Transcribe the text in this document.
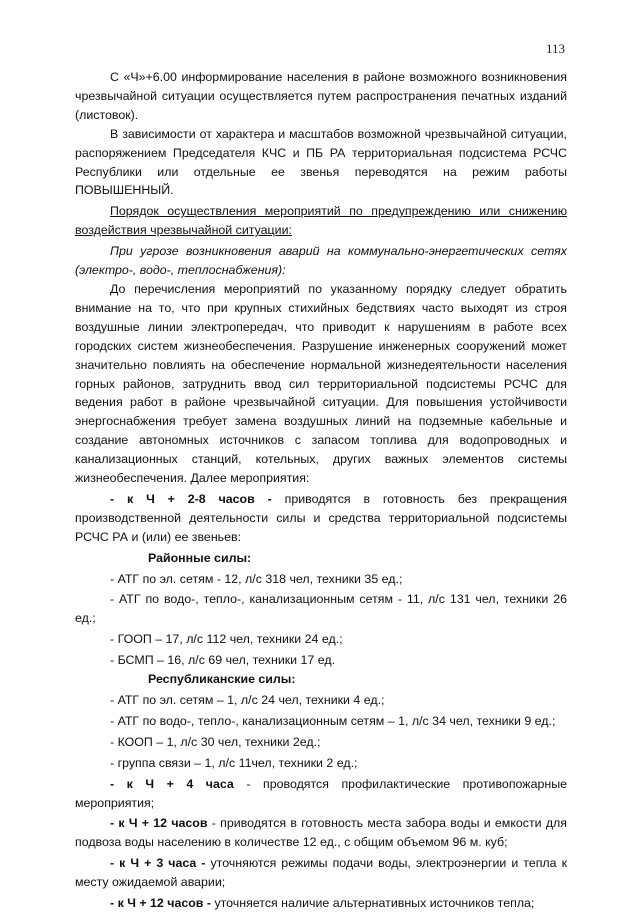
113

С «Ч»+6.00 информирование населения в районе возможного возникновения чрезвычайной ситуации осуществляется путем распространения печатных изданий (листовок).

В зависимости от характера и масштабов возможной чрезвычайной ситуации, распоряжением Председателя КЧС и ПБ РА территориальная подсистема РСЧС Республики или отдельные ее звенья переводятся на режим работы ПОВЫШЕННЫЙ.

Порядок осуществления мероприятий по предупреждению или снижению воздействия чрезвычайной ситуации:

При угрозе возникновения аварий на коммунально-энергетических сетях (электро-, водо-, теплоснабжения):

До перечисления мероприятий по указанному порядку следует обратить внимание на то, что при крупных стихийных бедствиях часто выходят из строя воздушные линии электропередач, что приводит к нарушениям в работе всех городских систем жизнеобеспечения. Разрушение инженерных сооружений может значительно повлиять на обеспечение нормальной жизнедеятельности населения горных районов, затруднить ввод сил территориальной подсистемы РСЧС для ведения работ в районе чрезвычайной ситуации. Для повышения устойчивости энергоснабжения требует замена воздушных линий на подземные кабельные и создание автономных источников с запасом топлива для водопроводных и канализационных станций, котельных, других важных элементов системы жизнеобеспечения. Далее мероприятия:

- к Ч + 2-8 часов - приводятся в готовность без прекращения производственной деятельности силы и средства территориальной подсистемы РСЧС РА и (или) ее звеньев:

Районные силы:

- АТГ по эл. сетям - 12, л/с 318 чел, техники 35 ед.;

- АТГ по водо-, тепло-, канализационным сетям - 11, л/с 131 чел, техники 26 ед.;

- ГООП – 17, л/с 112 чел, техники 24 ед.;

- БСМП – 16, л/с 69 чел, техники 17 ед.

Республиканские силы:

- АТГ по эл. сетям – 1, л/с 24 чел, техники 4 ед.;

- АТГ по водо-, тепло-, канализационным сетям – 1, л/с 34 чел, техники 9 ед.;

- КООП – 1, л/с 30 чел, техники 2ед.;

- группа связи – 1, л/с 11чел, техники 2 ед.;

- к Ч + 4 часа - проводятся профилактические противопожарные мероприятия;

- к Ч + 12 часов - приводятся в готовность места забора воды и емкости для подвоза воды населению в количестве 12 ед., с общим объемом 96 м. куб;

- к Ч + 3 часа - уточняются режимы подачи воды, электроэнергии и тепла к месту ожидаемой аварии;

- к Ч + 12 часов - уточняется наличие альтернативных источников тепла;
